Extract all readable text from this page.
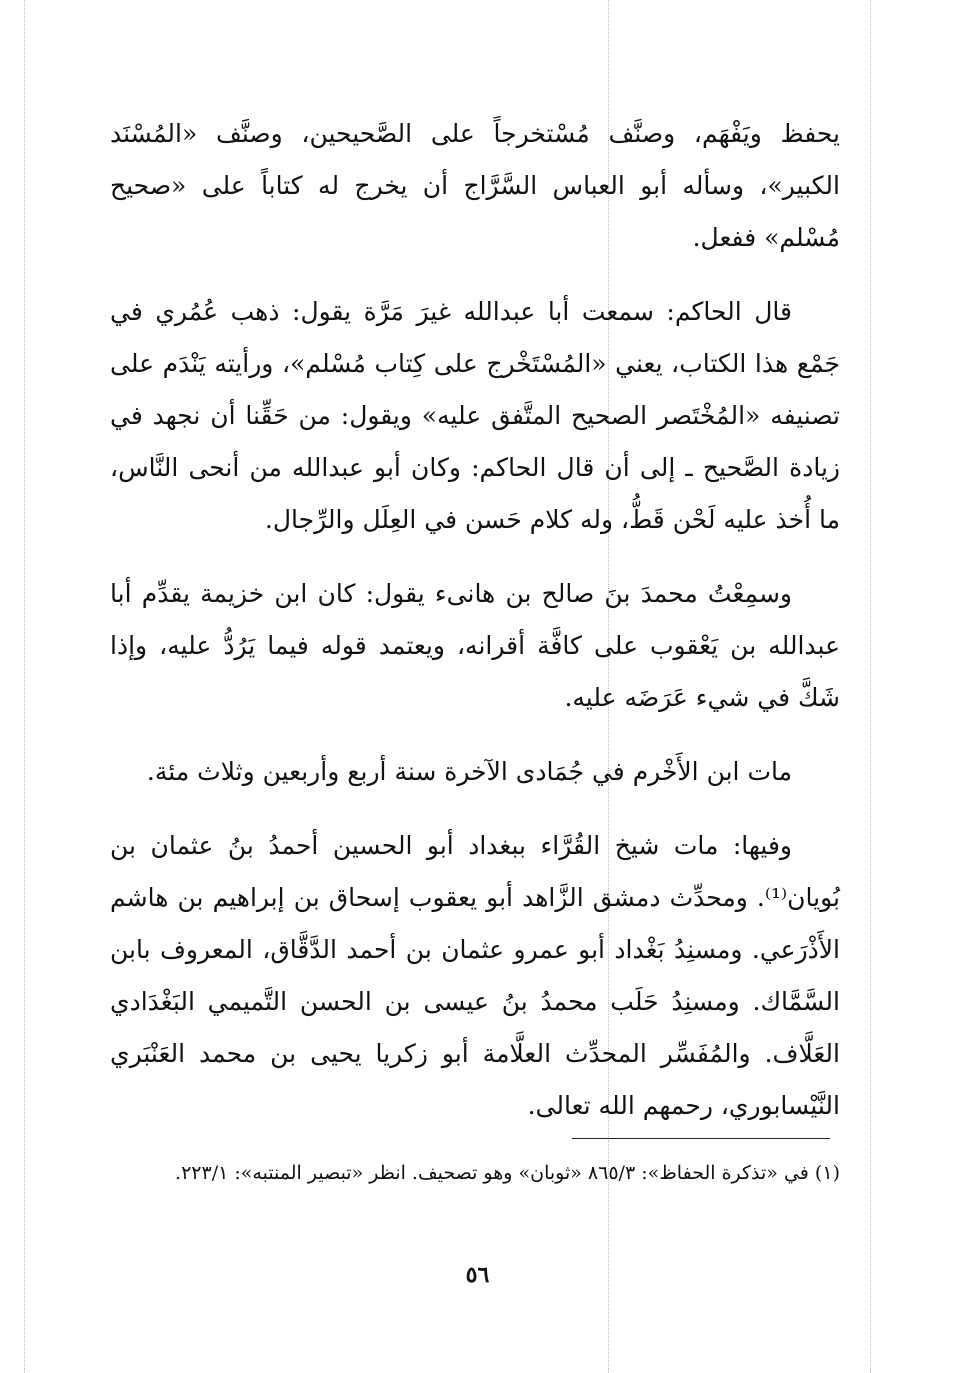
يحفظ ويَفْهَم، وصنَّف مُسْتخرجاً على الصَّحيحين، وصنَّف «المُسْنَد الكبير»، وسأله أبو العباس السَّرَّاج أن يخرج له كتاباً على «صحيح مُسْلم» ففعل.

قال الحاكم: سمعت أبا عبدالله غيرَ مَرَّة يقول: ذهب عُمُري في جَمْع هذا الكتاب، يعني «المُسْتَخْرج على كِتاب مُسْلم»، ورأيته يَنْدَم على تصنيفه «المُخْتَصر الصحيح المتَّفق عليه» ويقول: من حَقِّنا أن نجهد في زيادة الصَّحيح ـ إلى أن قال الحاكم: وكان أبو عبدالله من أنحى النَّاس، ما أُخذ عليه لَحْن قَطُّ، وله كلام حَسن في العِلَل والرِّجال.

وسمِعْتُ محمدَ بنَ صالح بن هانىء يقول: كان ابن خزيمة يقدِّم أبا عبدالله بن يَعْقوب على كافَّة أقرانه، ويعتمد قوله فيما يَرُدُّ عليه، وإذا شَكَّ في شيء عَرَضَه عليه.

مات ابن الأَخْرم في جُمَادى الآخرة سنة أربع وأربعين وثلاث مئة.

وفيها: مات شيخ القُرَّاء ببغداد أبو الحسين أحمدُ بنُ عثمان بن بُويان⁽¹⁾. ومحدِّث دمشق الزَّاهد أبو يعقوب إسحاق بن إبراهيم بن هاشم الأَذْرَعي. ومسنِدُ بَغْداد أبو عمرو عثمان بن أحمد الدَّقَّاق، المعروف بابن السَّمَّاك. ومسنِدُ حَلَب محمدُ بنُ عيسى بن الحسن التَّميمي البَغْدَادي العَلَّاف. والمُفَسِّر المحدِّث العلَّامة أبو زكريا يحيى بن محمد العَنْبَري النَّيْسابوري، رحمهم الله تعالى.

(١) في «تذكرة الحفاظ»: ٨٦٥/٣ «ثوبان» وهو تصحيف. انظر «تبصير المنتبه»: ٢٢٣/١.
٥٦
